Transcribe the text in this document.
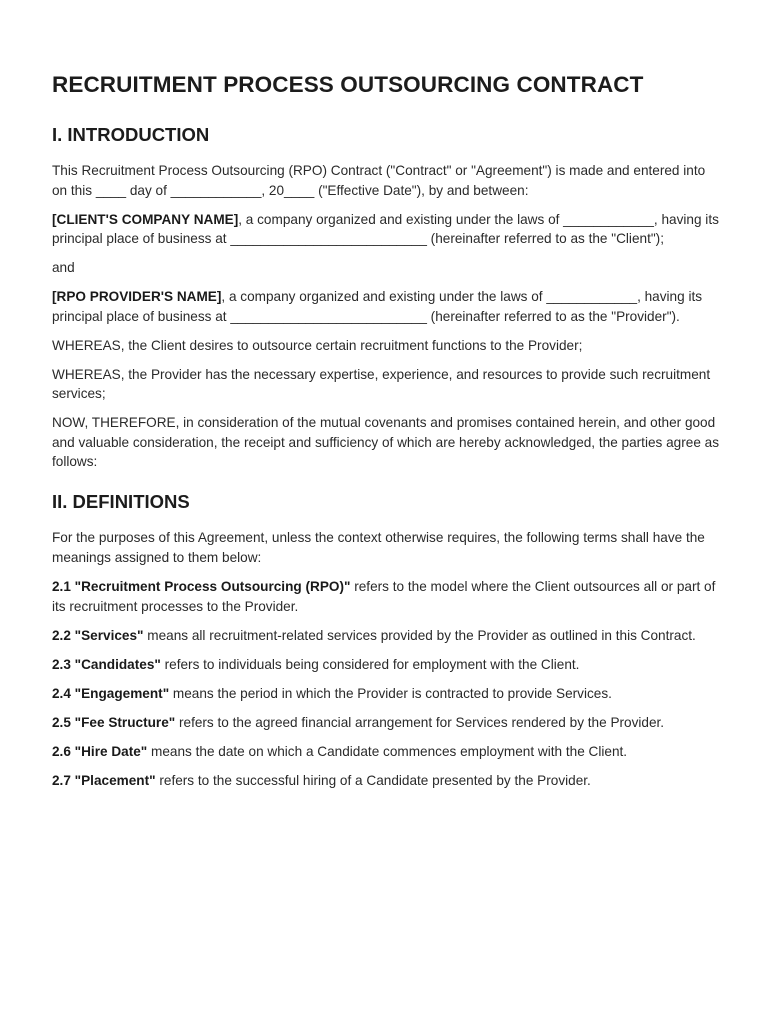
RECRUITMENT PROCESS OUTSOURCING CONTRACT
I. INTRODUCTION

This Recruitment Process Outsourcing (RPO) Contract ("Contract" or "Agreement") is made and entered into on this ____ day of ____________, 20____ ("Effective Date"), by and between:

[CLIENT'S COMPANY NAME], a company organized and existing under the laws of ____________, having its principal place of business at __________________________ (hereinafter referred to as the "Client");

and

[RPO PROVIDER'S NAME], a company organized and existing under the laws of ____________, having its principal place of business at __________________________ (hereinafter referred to as the "Provider").

WHEREAS, the Client desires to outsource certain recruitment functions to the Provider;

WHEREAS, the Provider has the necessary expertise, experience, and resources to provide such recruitment services;

NOW, THEREFORE, in consideration of the mutual covenants and promises contained herein, and other good and valuable consideration, the receipt and sufficiency of which are hereby acknowledged, the parties agree as follows:

II. DEFINITIONS

For the purposes of this Agreement, unless the context otherwise requires, the following terms shall have the meanings assigned to them below:

2.1 "Recruitment Process Outsourcing (RPO)" refers to the model where the Client outsources all or part of its recruitment processes to the Provider.

2.2 "Services" means all recruitment-related services provided by the Provider as outlined in this Contract.

2.3 "Candidates" refers to individuals being considered for employment with the Client.

2.4 "Engagement" means the period in which the Provider is contracted to provide Services.

2.5 "Fee Structure" refers to the agreed financial arrangement for Services rendered by the Provider.

2.6 "Hire Date" means the date on which a Candidate commences employment with the Client.

2.7 "Placement" refers to the successful hiring of a Candidate presented by the Provider.
